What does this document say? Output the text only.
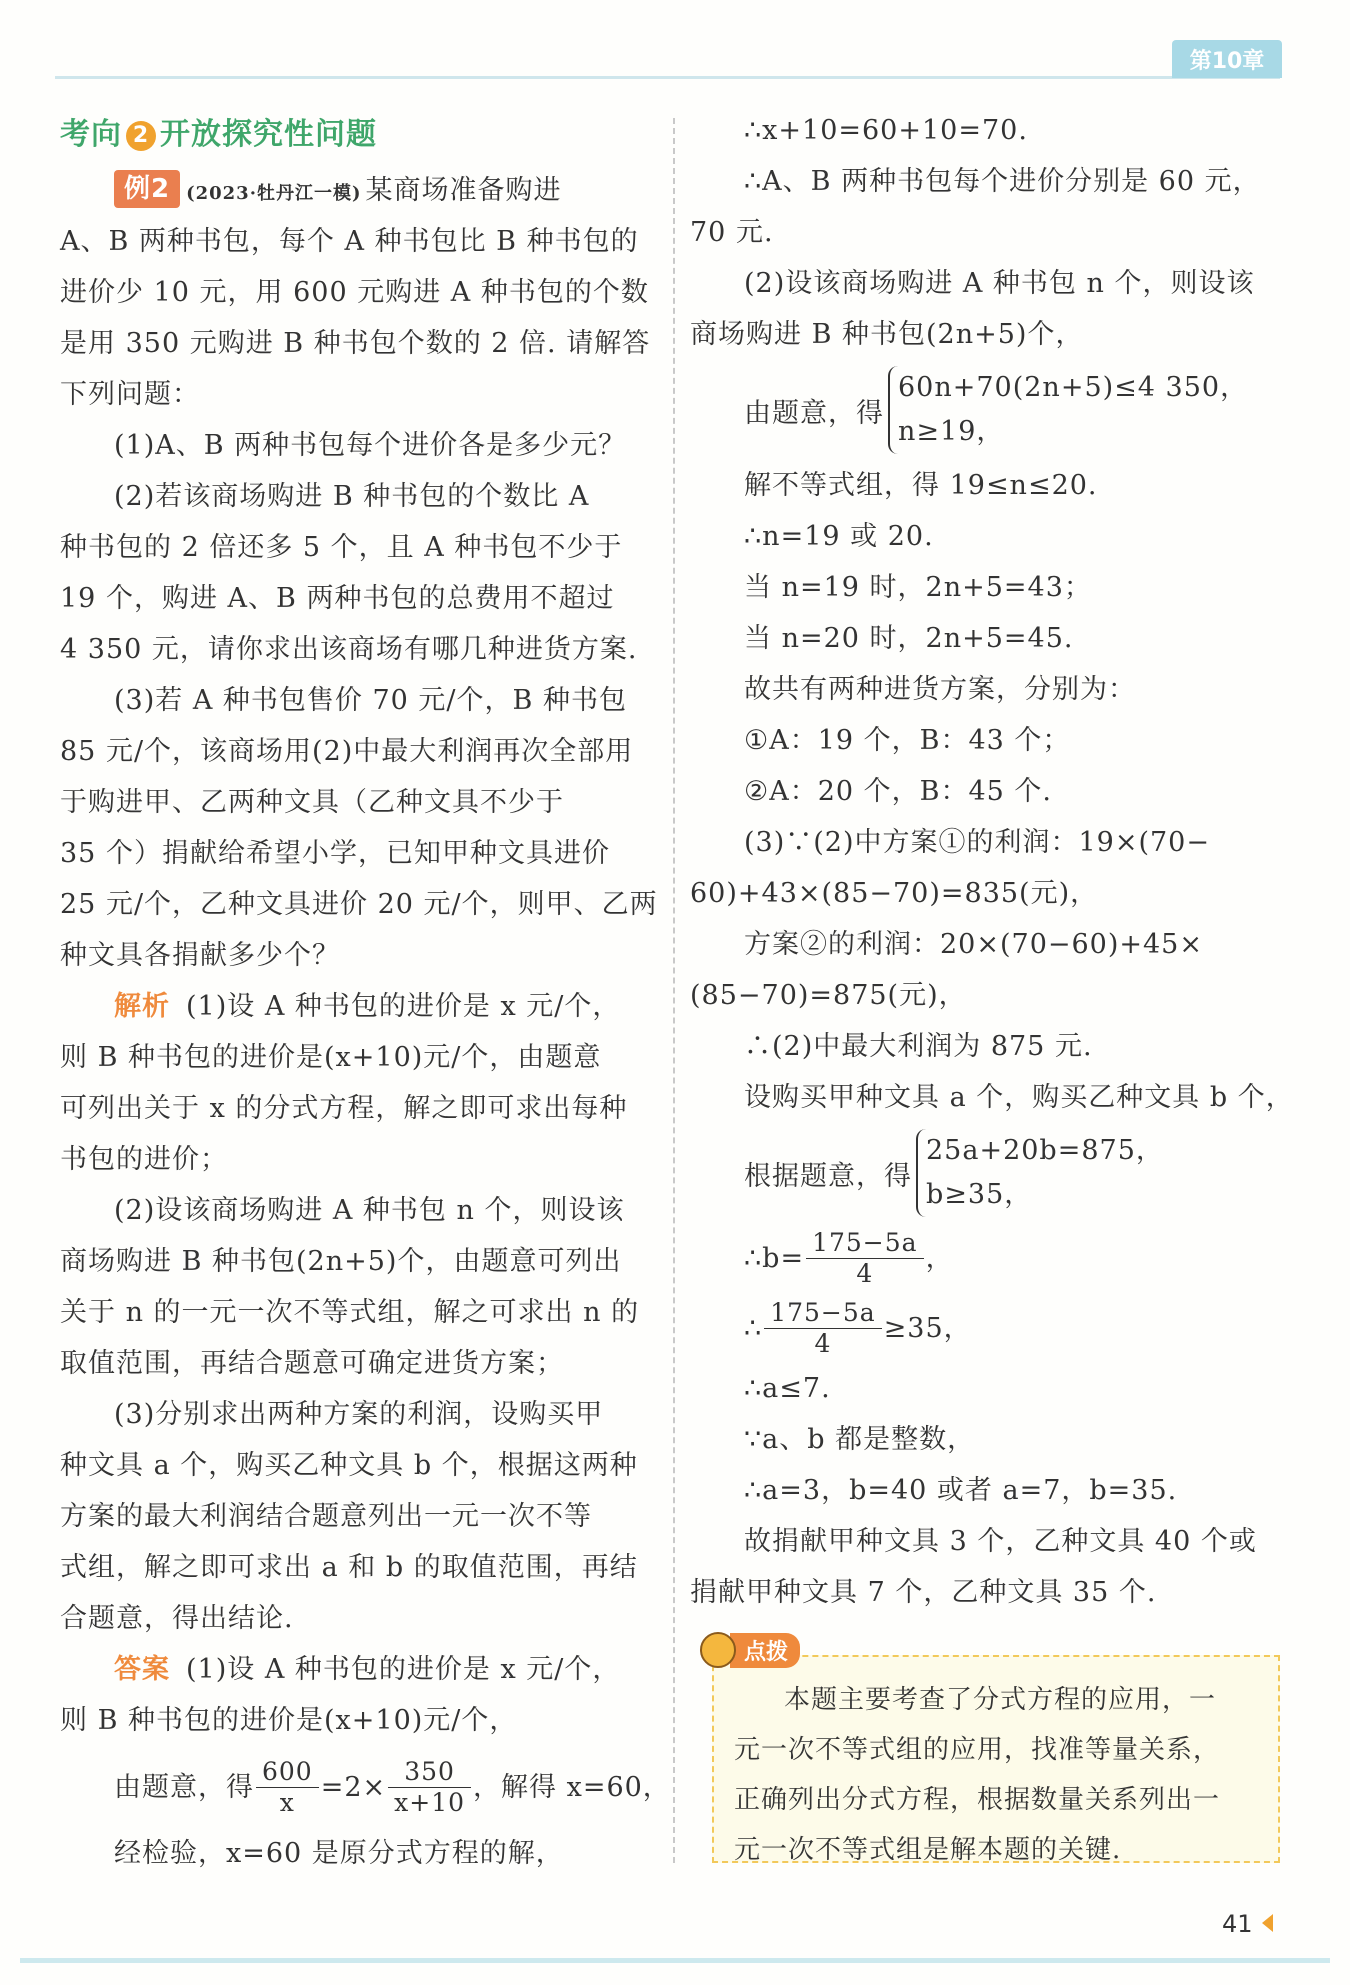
第10章
考向 2 开放探究性问题
例2 (2023·牡丹江一模) 某商场准备购进
A、B 两种书包，每个 A 种书包比 B 种书包的
进价少 10 元，用 600 元购进 A 种书包的个数
是用 350 元购进 B 种书包个数的 2 倍. 请解答
下列问题：
(1)A、B 两种书包每个进价各是多少元？
(2)若该商场购进 B 种书包的个数比 A
种书包的 2 倍还多 5 个，且 A 种书包不少于
19 个，购进 A、B 两种书包的总费用不超过
4 350 元，请你求出该商场有哪几种进货方案.
(3)若 A 种书包售价 70 元/个，B 种书包
85 元/个，该商场用(2)中最大利润再次全部用
于购进甲、乙两种文具（乙种文具不少于
35 个）捐献给希望小学，已知甲种文具进价
25 元/个，乙种文具进价 20 元/个，则甲、乙两
种文具各捐献多少个？
解析 (1)设 A 种书包的进价是 x 元/个，
则 B 种书包的进价是(x+10)元/个，由题意
可列出关于 x 的分式方程，解之即可求出每种
书包的进价；
(2)设该商场购进 A 种书包 n 个，则设该
商场购进 B 种书包(2n+5)个，由题意可列出
关于 n 的一元一次不等式组，解之可求出 n 的
取值范围，再结合题意可确定进货方案；
(3)分别求出两种方案的利润，设购买甲
种文具 a 个，购买乙种文具 b 个，根据这两种
方案的最大利润结合题意列出一元一次不等
式组，解之即可求出 a 和 b 的取值范围，再结
合题意，得出结论.
答案 (1)设 A 种书包的进价是 x 元/个，
则 B 种书包的进价是(x+10)元/个，
由题意，得 $\frac{600}{x} =2\times \frac{350}{x+10}$ ，解得 x=60，
经检验，x=60 是原分式方程的解，
∴x+10=60+10=70.
∴A、B 两种书包每个进价分别是 60 元，
70 元.
(2)设该商场购进 A 种书包 n 个，则设该
商场购进 B 种书包(2n+5)个，
由题意，得
60n+70(2n+5)≤4 350，
n≥19，
解不等式组，得 19≤n≤20.
∴n=19 或 20.
当 n=19 时，2n+5=43；
当 n=20 时，2n+5=45.
故共有两种进货方案，分别为：
①A：19 个，B：43 个；
②A：20 个，B：45 个.
(3)∵(2)中方案①的利润：19×(70−
60)+43×(85−70)=835(元)，
方案②的利润：20×(70−60)+45×
(85−70)=875(元)，
∴(2)中最大利润为 875 元.
设购买甲种文具 a 个，购买乙种文具 b 个，
根据题意，得
25a+20b=875，
b≥35，
∴b= $\frac{175-5a}{4}$ ，
∴ $\frac{175-5a}{4} \ge 35$，
∴a≤7.
∵a、b 都是整数，
∴a=3，b=40 或者 a=7，b=35.
故捐献甲种文具 3 个，乙种文具 40 个或
捐献甲种文具 7 个，乙种文具 35 个.
本题主要考查了分式方程的应用，一
元一次不等式组的应用，找准等量关系，
正确列出分式方程，根据数量关系列出一
元一次不等式组是解本题的关键.
点拨
41
